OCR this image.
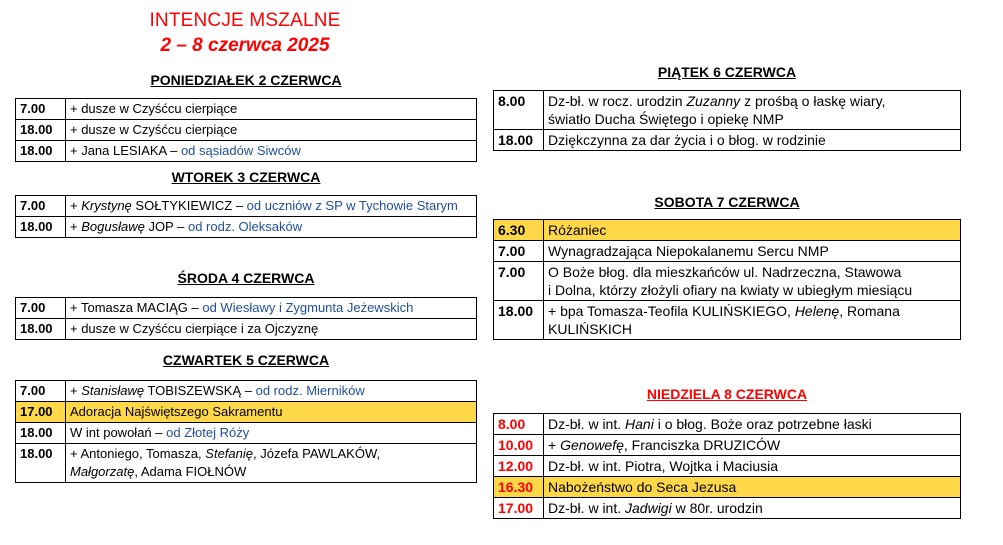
INTENCJE MSZALNE
2 – 8 czerwca 2025
PONIEDZIAŁEK 2 CZERWCA
7.00	+ dusze w Czyśćcu cierpiące
18.00	+ dusze w Czyśćcu cierpiące
18.00	+ Jana LESIAKA – od sąsiadów Siwców
WTOREK 3 CZERWCA
7.00	+ Krystynę SOŁTYKIEWICZ – od uczniów z SP w Tychowie Starym
18.00	+ Bogusławę JOP – od rodz. Oleksaków
ŚRODA 4 CZERWCA
7.00	+ Tomasza MACIĄG – od Wiesławy i Zygmunta Jeżewskich
18.00	+ dusze w Czyśćcu cierpiące i za Ojczyznę
CZWARTEK 5 CZERWCA
7.00	+ Stanisławę TOBISZEWSKĄ – od rodz. Mierników
17.00	Adoracja Najświętszego Sakramentu
18.00	W int powołań – od Złotej Róży
18.00	+ Antoniego, Tomasza, Stefanię, Józefa PAWLAKÓW,
Małgorzatę, Adama FIOŁNÓW
PIĄTEK 6 CZERWCA
8.00	Dz-bł. w rocz. urodzin Zuzanny z prośbą o łaskę wiary,
światło Ducha Świętego i opiekę NMP
18.00	Dziękczynna za dar życia i o błog. w rodzinie
SOBOTA 7 CZERWCA
6.30	Różaniec
7.00	Wynagradzająca Niepokalanemu Sercu NMP
7.00	O Boże błog. dla mieszkańców ul. Nadrzeczna, Stawowa
i Dolna, którzy złożyli ofiary na kwiaty w ubiegłym miesiącu
18.00	+ bpa Tomasza-Teofila KULIŃSKIEGO, Helenę, Romana
KULIŃSKICH
NIEDZIELA 8 CZERWCA
8.00	Dz-bł. w int. Hani i o błog. Boże oraz potrzebne łaski
10.00	+ Genowefę, Franciszka DRUZICÓW
12.00	Dz-bł. w int. Piotra, Wojtka i Maciusia
16.30	Nabożeństwo do Seca Jezusa
17.00	Dz-bł. w int. Jadwigi w 80r. urodzin
